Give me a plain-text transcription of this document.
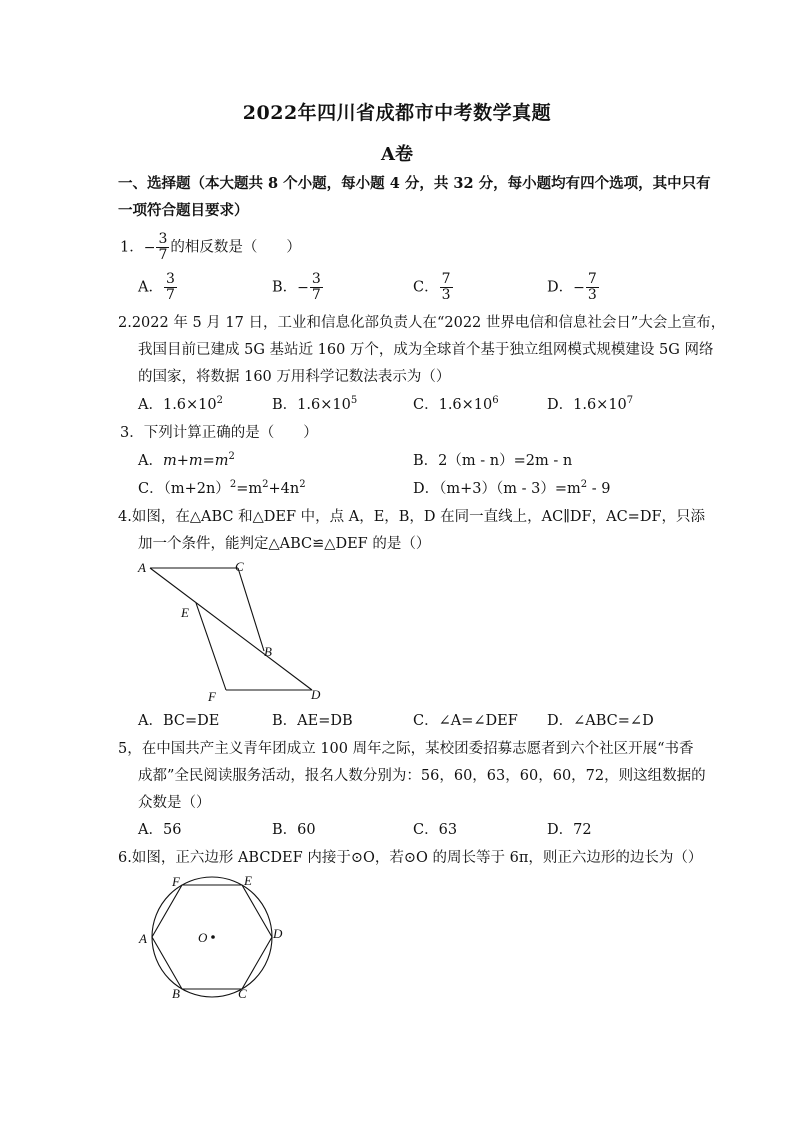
2022年四川省成都市中考数学真题
A卷
一、选择题（本大题共 8 个小题，每小题 4 分，共 32 分，每小题均有四个选项，其中只有
一项符合题目要求）
1．− $\frac{3}{7}$ 的相反数是（　　）
A． $\frac{3}{7}$	B．− $\frac{3}{7}$	C． $\frac{7}{3}$	D．− $\frac{7}{3}$
2.2022 年 5 月 17 日，工业和信息化部负责人在“2022 世界电信和信息社会日”大会上宣布，
我国目前已建成 5G 基站近 160 万个，成为全球首个基于独立组网模式规模建设 5G 网络
的国家，将数据 160 万用科学记数法表示为（）
A．$1.6\times 10^2$	B．$1.6\times 10^5$	C．$1.6\times 10^6$	D．$1.6\times 10^7$
3．下列计算正确的是（　　）
A．$m+m=m^2$	B．2（m - n）=2m - n
C．$(m+2n)^2=m^2+4n^2$	D．$(m+3)(m - 3)=m^2 - 9$
4.如图，在△ABC 和△DEF 中，点 A，E，B，D 在同一直线上，AC∥DF，AC=DF，只添
加一个条件，能判定△ABC≌△DEF 的是（）
A	C
E
B
F	D
F	E
A	O	D
B	C
A．BC=DE	B．AE=DB	C．∠A=∠DEF D．∠ABC=∠D
5，在中国共产主义青年团成立 100 周年之际，某校团委招募志愿者到六个社区开展“书香
成都”全民阅读服务活动，报名人数分别为：56，60，63，60，60，72，则这组数据的
众数是（）
A．56	B．60	C．63	D．72
6.如图，正六边形 ABCDEF 内接于⊙O，若⊙O 的周长等于 6π，则正六边形的边长为（）
